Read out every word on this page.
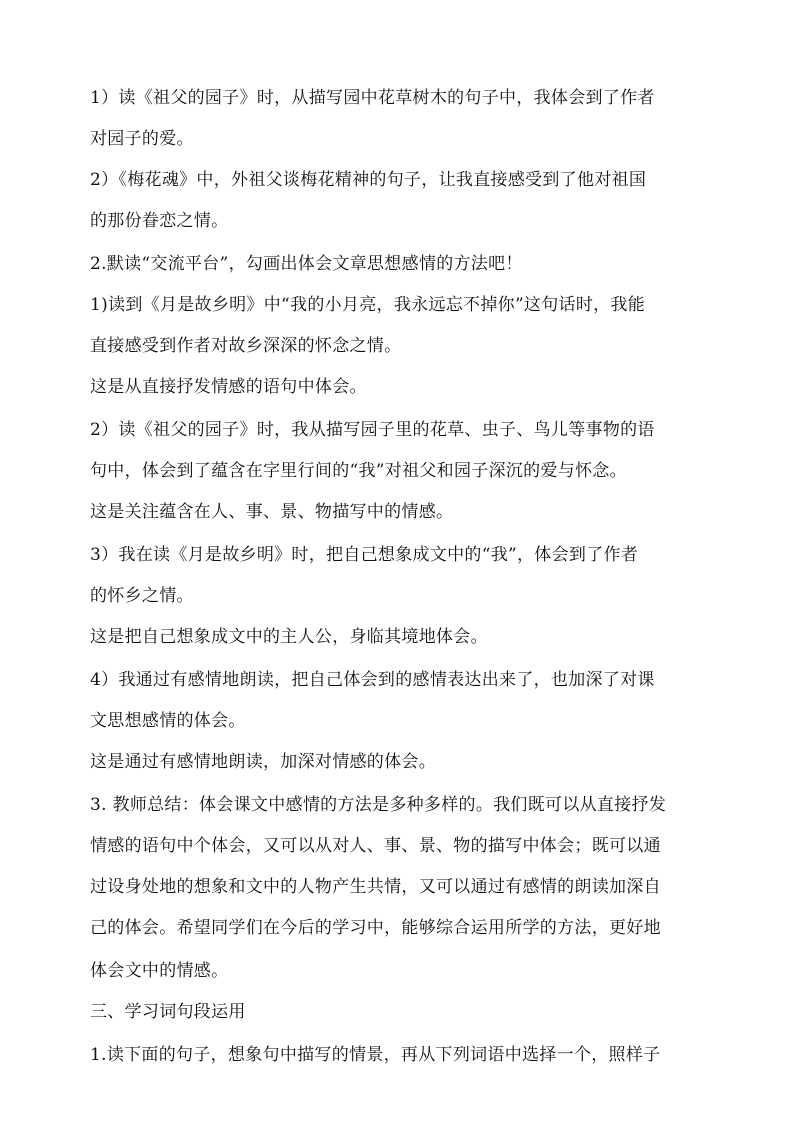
1）读《祖父的园子》时，从描写园中花草树木的句子中，我体会到了作者
对园子的爱。
2）《梅花魂》中，外祖父谈梅花精神的句子，让我直接感受到了他对祖国
的那份眷恋之情。
2.默读“交流平台”，勾画出体会文章思想感情的方法吧！
1)读到《月是故乡明》中“我的小月亮，我永远忘不掉你”这句话时，我能
直接感受到作者对故乡深深的怀念之情。
这是从直接抒发情感的语句中体会。
2）读《祖父的园子》时，我从描写园子里的花草、虫子、鸟儿等事物的语
句中，体会到了蕴含在字里行间的“我”对祖父和园子深沉的爱与怀念。
这是关注蕴含在人、事、景、物描写中的情感。
3）我在读《月是故乡明》时，把自己想象成文中的“我”，体会到了作者
的怀乡之情。
这是把自己想象成文中的主人公，身临其境地体会。
4）我通过有感情地朗读，把自己体会到的感情表达出来了，也加深了对课
文思想感情的体会。
这是通过有感情地朗读，加深对情感的体会。
3. 教师总结：体会课文中感情的方法是多种多样的。我们既可以从直接抒发
情感的语句中个体会，又可以从对人、事、景、物的描写中体会；既可以通
过设身处地的想象和文中的人物产生共情，又可以通过有感情的朗读加深自
己的体会。希望同学们在今后的学习中，能够综合运用所学的方法，更好地
体会文中的情感。
三、学习词句段运用
1.读下面的句子，想象句中描写的情景，再从下列词语中选择一个，照样子
